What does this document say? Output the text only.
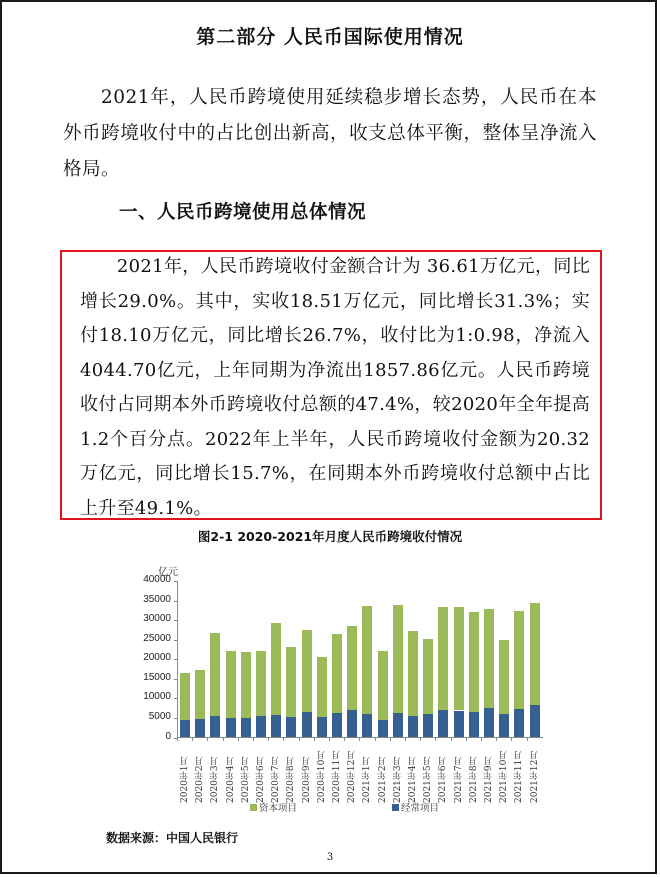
第二部分 人民币国际使用情况

2021年，人民币跨境使用延续稳步增长态势，人民币在本外币跨境收付中的占比创出新高，收支总体平衡，整体呈净流入格局。

一、人民币跨境使用总体情况

2021年，人民币跨境收付金额合计为 36.61万亿元，同比增长29.0%。其中，实收18.51万亿元，同比增长31.3%；实付18.10万亿元，同比增长26.7%，收付比为1:0.98，净流入4044.70亿元，上年同期为净流出1857.86亿元。人民币跨境收付占同期本外币跨境收付总额的47.4%，较2020年全年提高1.2个百分点。2022年上半年，人民币跨境收付金额为20.32万亿元，同比增长15.7%，在同期本外币跨境收付总额中占比上升至49.1%。

图2-1 2020-2021年月度人民币跨境收付情况
亿元
40000
35000
30000
25000
20000
15000
10000
5000
0
2020年1月 2020年2月 2020年3月 2020年4月 2020年5月 2020年6月 2020年7月 2020年8月 2020年9月 2020年10月 2020年11月 2020年12月 2021年1月 2021年2月 2021年3月 2021年4月 2021年5月 2021年6月 2021年7月 2021年8月 2021年9月 2021年10月 2021年11月 2021年12月
资本项目	经常项目
数据来源：中国人民银行
3
